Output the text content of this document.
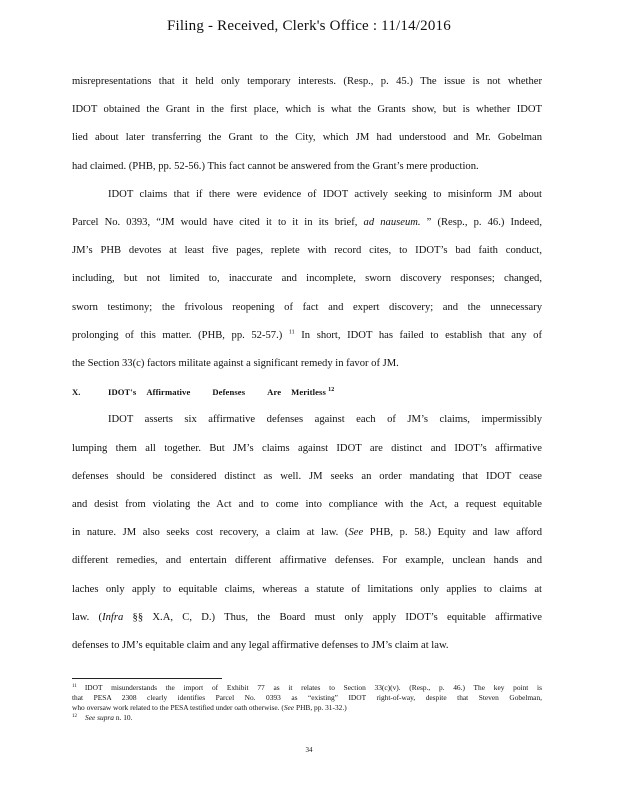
Filing - Received, Clerk's Office : 11/14/2016
misrepresentations that it held only temporary interests. (Resp., p. 45.) The issue is not whether
IDOT obtained the Grant in the first place, which is what the Grants show, but is whether IDOT
lied about later transferring the Grant to the City, which JM had understood and Mr. Gobelman
had claimed. (PHB, pp. 52-56.) This fact cannot be answered from the Grant’s mere production.
IDOT claims that if there were evidence of IDOT actively seeking to misinform JM about
Parcel No. 0393, “JM would have cited it to it in its brief, ad nauseum. ” (Resp., p. 46.) Indeed,
JM’s PHB devotes at least five pages, replete with record cites, to IDOT’s bad faith conduct,
including, but not limited to, inaccurate and incomplete, sworn discovery responses; changed,
sworn testimony; the frivolous reopening of fact and expert discovery; and the unnecessary
prolonging of this matter. (PHB, pp. 52-57.) $^{11}$ In short, IDOT has failed to establish that any of
the Section 33(c) factors militate against a significant remedy in favor of JM.
X.	IDOT's Affirmative	Defenses	Are Meritless $^{12}$
IDOT asserts six affirmative defenses against each of JM’s claims, impermissibly
lumping them all together. But JM’s claims against IDOT are distinct and IDOT’s affirmative
defenses should be considered distinct as well. JM seeks an order mandating that IDOT cease
and desist from violating the Act and to come into compliance with the Act, a request equitable
in nature. JM also seeks cost recovery, a claim at law. (See PHB, p. 58.) Equity and law afford
different remedies, and entertain different affirmative defenses. For example, unclean hands and
laches only apply to equitable claims, whereas a statute of limitations only applies to claims at
law. (Infra §§ X.A, C, D.) Thus, the Board must only apply IDOT’s equitable affirmative
defenses to JM’s equitable claim and any legal affirmative defenses to JM’s claim at law.
$^{11}$ IDOT misunderstands the import of Exhibit 77 as it relates to Section 33(c)(v). (Resp., p. 46.) The key point is
that PESA 2308 clearly identifies Parcel No. 0393 as “existing” IDOT right-of-way, despite that Steven Gobelman,
who oversaw work related to the PESA testified under oath otherwise. (See PHB, pp. 31-32.)
$^{12}$ See supra n. 10.
34
